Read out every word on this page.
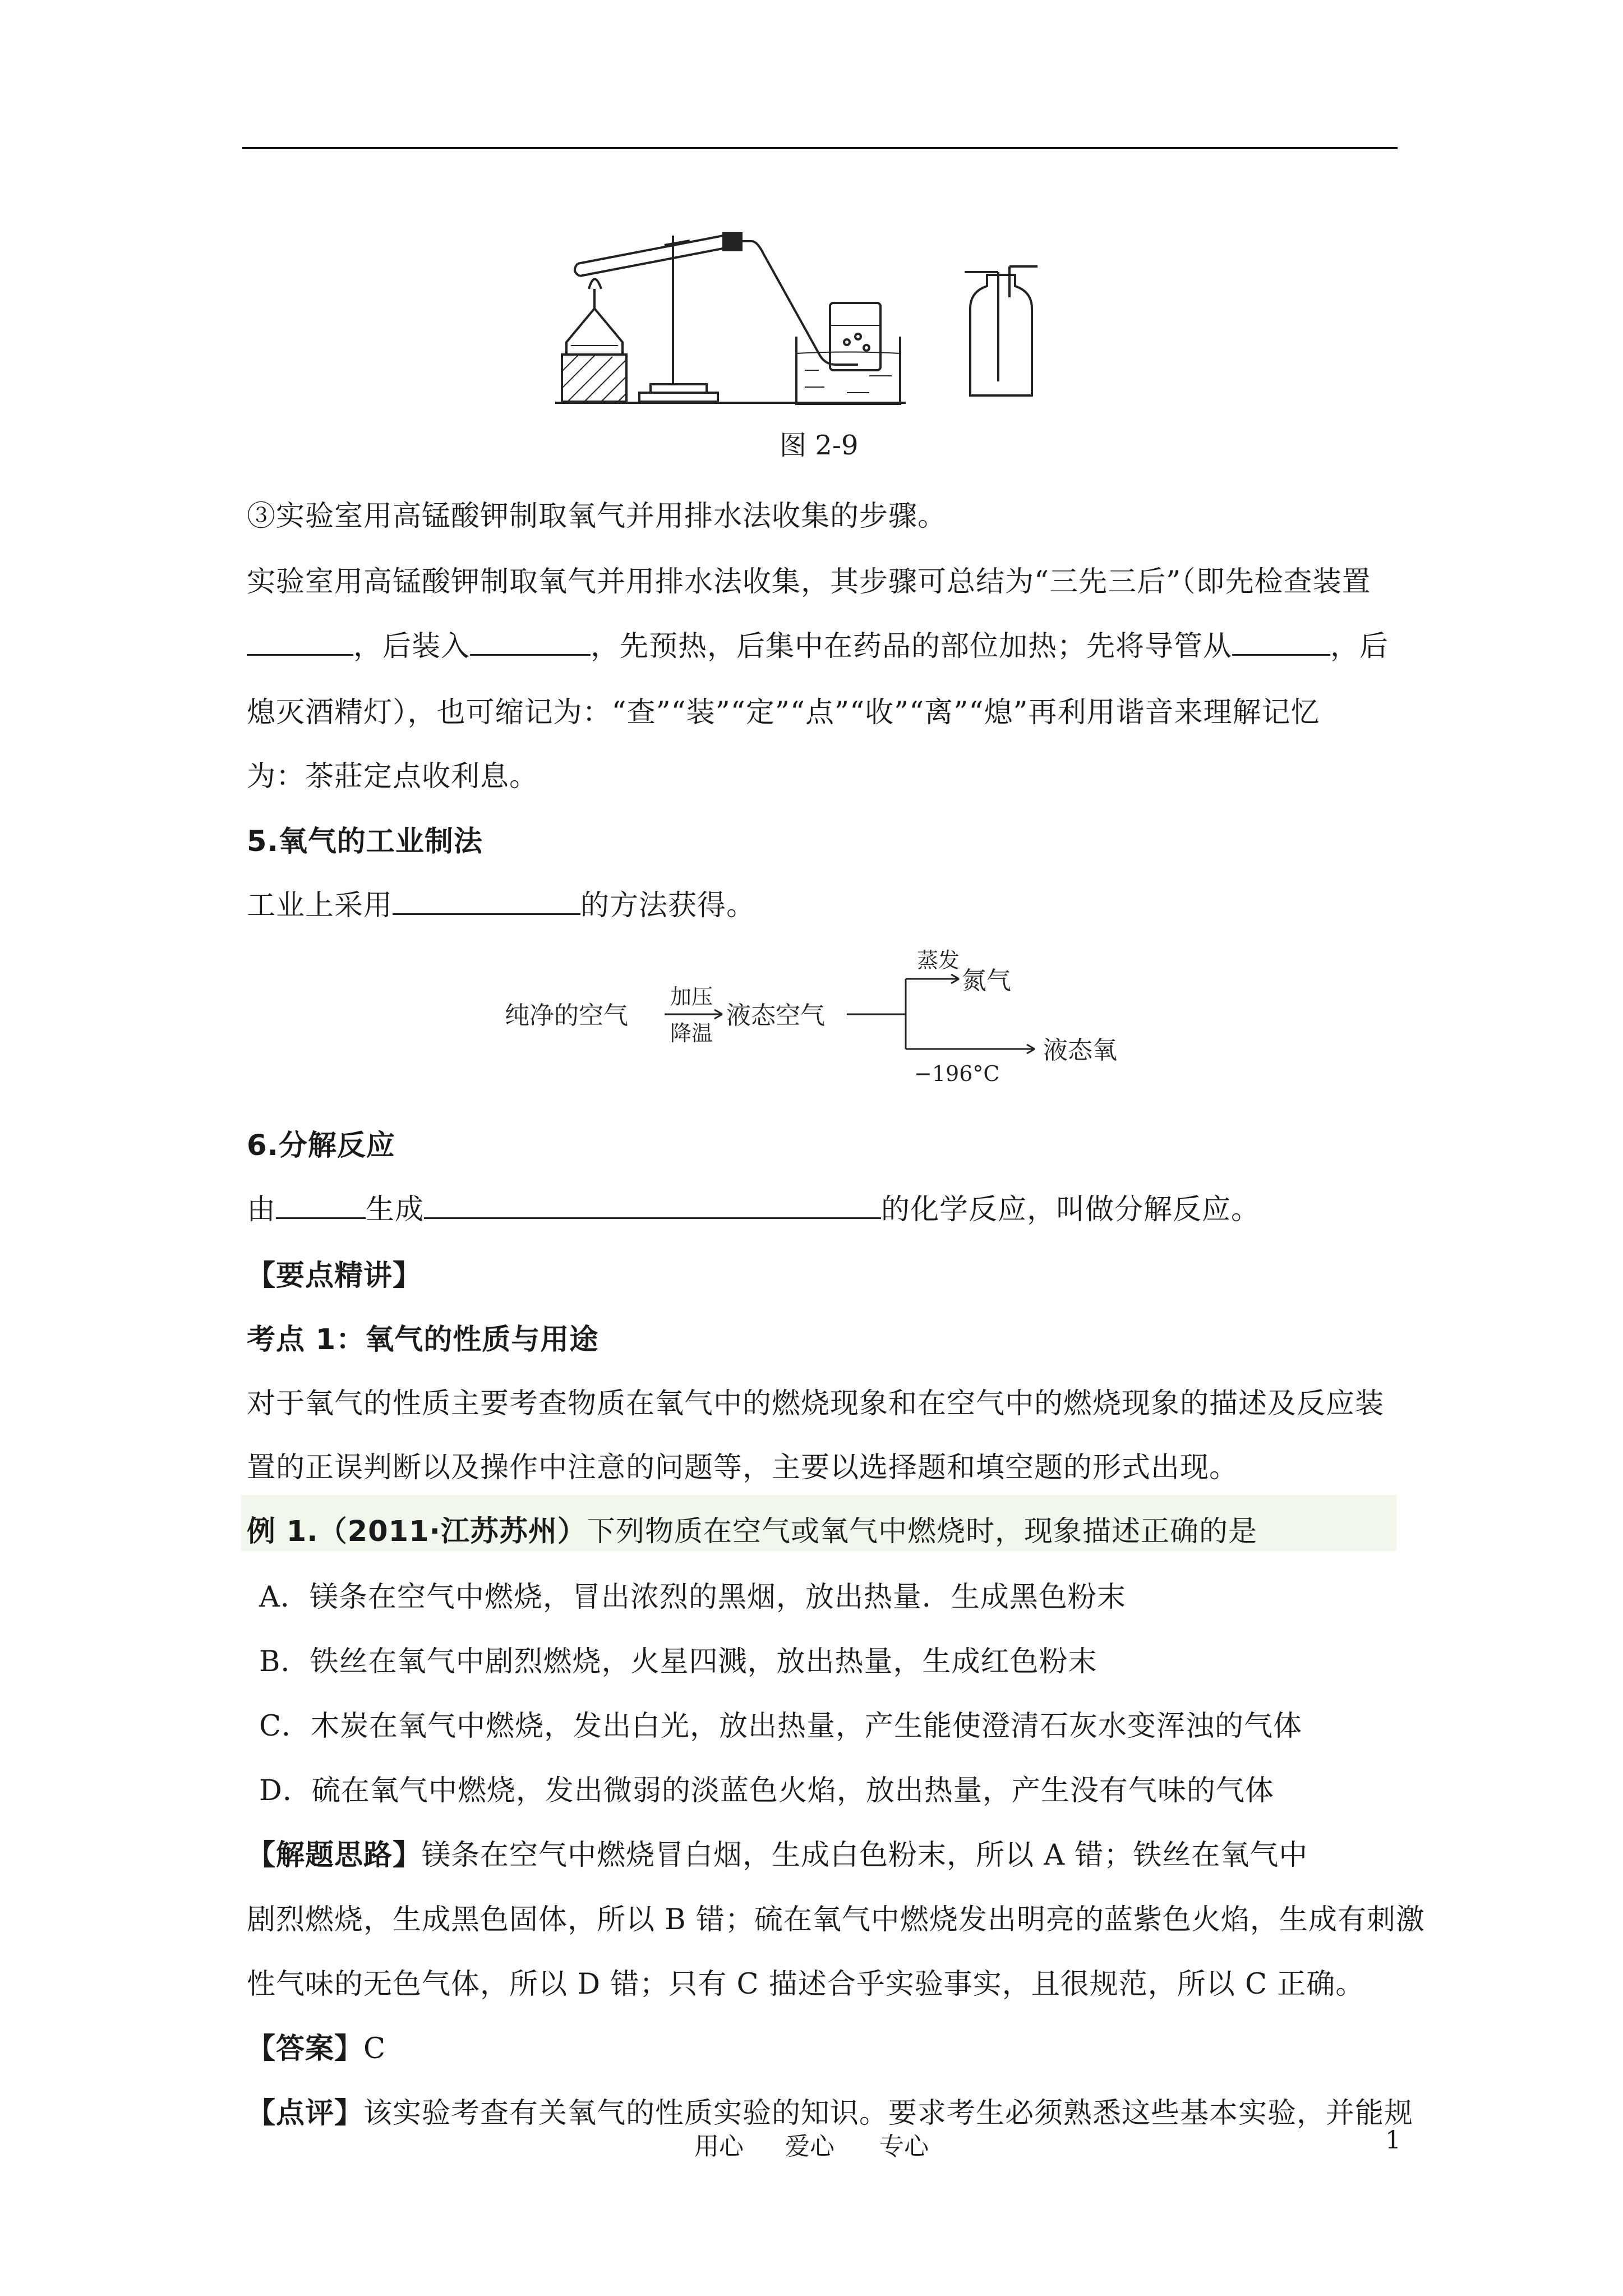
图 2-9
③实验室用高锰酸钾制取氧气并用排水法收集的步骤。
实验室用高锰酸钾制取氧气并用排水法收集，其步骤可总结为“三先三后”（即先检查装置
，后装入	，先预热，后集中在药品的部位加热；先将导管从	，后
熄灭酒精灯），也可缩记为：“查”“装”“定”“点”“收”“离”“熄”再利用谐音来理解记忆
为：茶莊定点收利息。
5.氧气的工业制法
工业上采用	的方法获得。
纯净的空气
加压
降温
液态空气
蒸发
氮气
−196°C
液态氧
6.分解反应
由	生成	的化学反应，叫做分解反应。
【要点精讲】
考点 1：氧气的性质与用途
对于氧气的性质主要考查物质在氧气中的燃烧现象和在空气中的燃烧现象的描述及反应装
置的正误判断以及操作中注意的问题等，主要以选择题和填空题的形式出现。
例 1.（2011·江苏苏州）下列物质在空气或氧气中燃烧时，现象描述正确的是
A．镁条在空气中燃烧，冒出浓烈的黑烟，放出热量．生成黑色粉末
B．铁丝在氧气中剧烈燃烧，火星四溅，放出热量，生成红色粉末
C．木炭在氧气中燃烧，发出白光，放出热量，产生能使澄清石灰水变浑浊的气体
D．硫在氧气中燃烧，发出微弱的淡蓝色火焰，放出热量，产生没有气味的气体
【解题思路】镁条在空气中燃烧冒白烟，生成白色粉末，所以 A 错；铁丝在氧气中
剧烈燃烧，生成黑色固体，所以 B 错；硫在氧气中燃烧发出明亮的蓝紫色火焰，生成有刺激
性气味的无色气体，所以 D 错；只有 C 描述合乎实验事实，且很规范，所以 C 正确。
【答案】C
【点评】该实验考查有关氧气的性质实验的知识。要求考生必须熟悉这些基本实验，并能规
用心 爱心 专心	1
